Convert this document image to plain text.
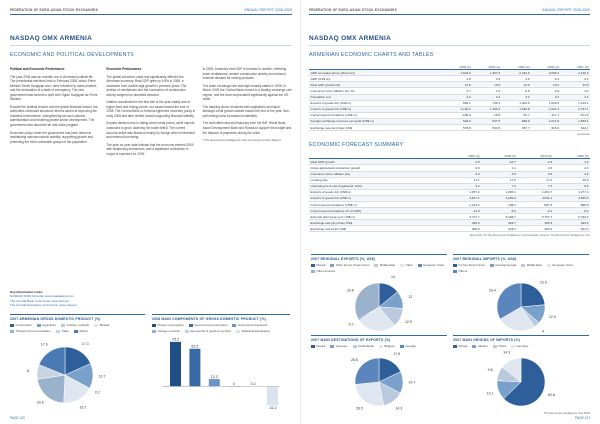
FEDERATION OF EURO-ASIAN STOCK EXCHANGES	ANNUAL REPORT 2008-2009
NASDAQ OMX ARMENIA
ECONOMIC AND POLITICAL DEVELOPMENTS

Political and Economic Performance

The year 2008 was an eventful one in Armenian political life. The presidential elections held in February 2008, which Prime Minister Serzh Sargsyan won, were followed by mass protests and the declaration of a state of emergency. The new government was formed in April with Tigran Sargsyan as Prime Minister.

Despite the political tension and the global financial turmoil, the authorities continued structural reforms aimed at improving the business environment, strengthening tax and customs administration and fostering private sector development. The government also launched an anti-crisis program.

Economic policy under the government has been aimed at maintaining macroeconomic stability, supporting growth and protecting the most vulnerable groups of the population.

Economic Performance

The global economic crisis has significantly affected the Armenian economy. Real GDP grew by 6.8% in 2008, a slowdown from double-digit growth in previous years. The decline of remittances and the contraction of construction activity weighed on domestic demand.

Inflation accelerated in the first half of the year mainly due to higher food and energy prices, but eased toward the end of 2008. The Central Bank of Armenia tightened monetary policy in early 2008 and later shifted toward supporting financial stability.

Exports declined due to falling world metal prices, while imports continued to grow, widening the trade deficit. The current account deficit was financed mainly by foreign direct investment and external borrowing.

The year-on-year data indicate that the economy entered 2009 with weakening momentum, and a significant contraction in output is expected for 2009.

In 2009, Armenia's real GDP is forecast to decline, reflecting lower remittances, weaker construction activity and reduced external demand for mining products.

The dram exchange rate was kept broadly stable in 2008. In March 2009 the Central Bank moved to a floating exchange rate regime, and the dram depreciated significantly against the US dollar.

The banking sector remained well capitalized and liquid, although credit growth slowed toward the end of the year. Non-performing loans increased moderately.

The authorities secured financing from the IMF, World Bank, Asian Development Bank and Russia to support the budget and the balance of payments during the crisis.

* The Economist Intelligence Unit, Armenia Country Report

Key Information Links
NASDAQ OMX Armenia: www.nasdaqomx.am
The Central Bank of Armenia: www.cba.am
The Central Depository of Armenia: www.cda.am
2007 ARMENIAN GROSS DOMESTIC PRODUCT (%)
Construction	Agriculture	Industry (+others)	Mineral
Transport & communication	Trade	Others
17.3
13.7
0.2
16.7
20.6
8
17.9
2008 MAIN COMPONENTS OF GROSS DOMESTIC PRODUCT (%)
Private consumption	Government consumption	Gross fixed investment
Change in stocks	Net exports of goods & services	Statistical discrepancy
75.2
63.5
12.2
0	0.2
-32.2
PAGE 120
FEDERATION OF EURO-ASIAN STOCK EXCHANGES	ANNUAL REPORT 2008-2009
NASDAQ OMX ARMENIA
ARMENIAN ECONOMIC CHARTS AND TABLES
	2003 (a)	2004 (a)	2005 (a)	2006 (a)	2007 (a)
GDP at market prices (Dram bn)	1,624.6	1,907.9	2,242.9	2,656.2	3,149.3
GDP (US$ bn)	2.8	3.6	4.9	6.4	9.2
Real GDP growth (%)	14.0	10.5	13.9	13.2	13.8
Consumer price inflation (av; %)	4.7	7.0	0.6	2.9	4.4
Population (m)	3.2	3.2	3.2	3.2	3.2
Exports of goods fob (US$ m)	696.1	738.3	1,004.9	1,025.0	1,219.1
Imports of goods fob (US$ m)	1,130.2	1,196.3	1,592.8	1,921.3	2,797.1
Current-account balance (US$ m)	-189.4	-19.6	-51.7	-117.1	-571.5
Foreign-exchange reserves excl gold (US$ m)	504.6	547.5	668.6	1,071.8	1,659.1
Exchange rate (av) Dram:US$	578.8	533.5	457.7	416.0	342.1
(a) Actual.
ECONOMIC FORECAST SUMMARY
	2008 (a)	2009 (b)	2010 (b)	2009 (b)
Real GDP growth	6.8	-10.7	-1.5	1.0
Gross agricultural production growth	2.0	1.1	2.0	2.3
Consumer price inflation (av)	9.0	3.5	3.5	4.6
Lending rate	17.1	17.5	17.0	16.5
Unemployment rate (registered; av%)	6.3	7.0	7.0	6.8
Exports of goods fob (US$ m)	1,057.2	1,095.1	1,254.7	1,277.0
Imports of goods fob (US$ m)	3,817.1	3,289.3	3,511.1	3,650.5
Current-account balance (US$ m)	-1,314.2	-788.1	-897.5	-898.8
Current-account balance (% of GDP)	-11.5	-8.2	-9.1	-9.4
External debt (year-end; US$ m)	3,471.7	5,168.1	5,737.7	5,793.0
Exchange rate (av) Dram:US$	306.0	363.7	385.9	395.0
Exchange rate Dram:US$	306.0	378.1	394.2	401.3
(a) Actual. (b) The Economist Intelligence Unit forecasts. Source: The Economist Intelligence Unit
2007 REGIONAL EXPORTS (%, US$)
Russia	Other former Soviet Union	Middle East	Other	European Union
Other America
14
12
12.9
0.7
33.6
2007 REGIONAL IMPORTS (%, US$)
Former Soviet Union	Developing Asia	Middle East	European Union
Others
23.5
12.9
4
33.4
2007 MAIN DESTINATIONS OF EXPORTS (%)
Russia	Germany	Netherlands	Belgium	Georgia
17.9
14.7
14.3
26.5
26.6
2007 MAIN ORIGINS OF IMPORTS (%)
Russia	Ukraine	China	Germany
62.8
13.1
9.8
14.3
The Economist Intelligence Unit 2009
PAGE 121
